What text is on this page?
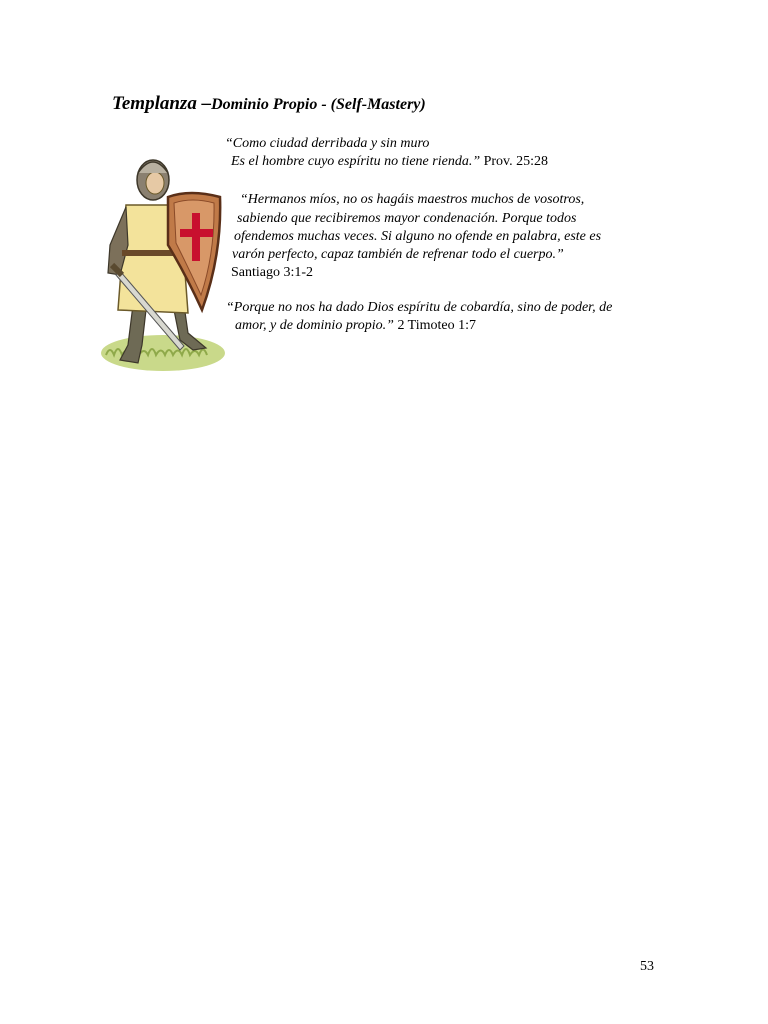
Templanza –Dominio Propio - (Self-Mastery)
“Como ciudad derribada y sin muro
Es el hombre cuyo espíritu no tiene rienda.” Prov. 25:28
“Hermanos míos, no os hagáis maestros muchos de vosotros,
sabiendo que recibiremos mayor condenación. Porque todos
ofendemos muchas veces. Si alguno no ofende en palabra, este es
varón perfecto, capaz también de refrenar todo el cuerpo.”
Santiago 3:1-2
“Porque no nos ha dado Dios espíritu de cobardía, sino de poder, de
amor, y de dominio propio.” 2 Timoteo 1:7
53
